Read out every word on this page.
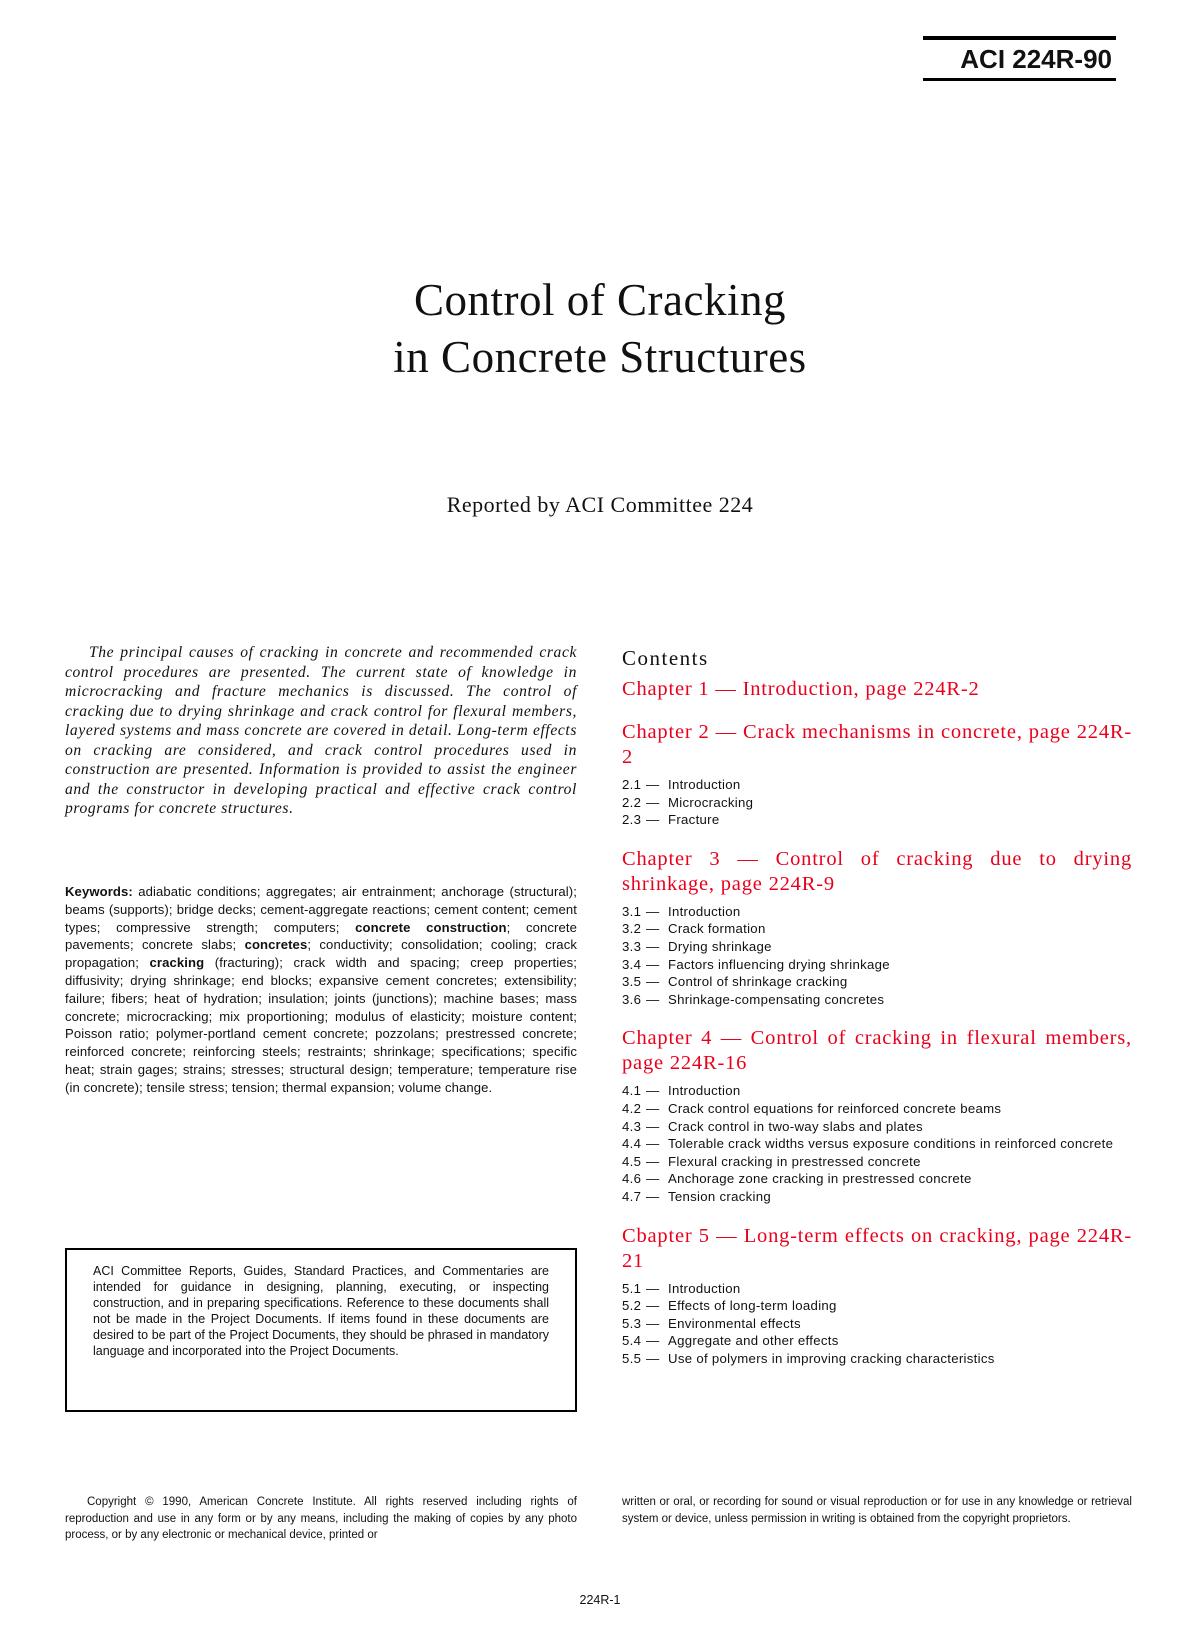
ACI 224R-90
Control of Cracking
in Concrete Structures
Reported by ACI Committee 224
The principal causes of cracking in concrete and recommended crack control procedures are presented. The current state of knowledge in microcracking and fracture mechanics is discussed. The control of cracking due to drying shrinkage and crack control for flexural members, layered systems and mass concrete are covered in detail. Long-term effects on cracking are considered, and crack control procedures used in construction are presented. Information is provided to assist the engineer and the constructor in developing practical and effective crack control programs for concrete structures.
Keywords: adiabatic conditions; aggregates; air entrainment; anchorage (structural); beams (supports); bridge decks; cement-aggregate reactions; cement content; cement types; compressive strength; computers; concrete construction; concrete pavements; concrete slabs; concretes; conductivity; consolidation; cooling; crack propagation; cracking (fracturing); crack width and spacing; creep properties; diffusivity; drying shrinkage; end blocks; expansive cement concretes; extensibility; failure; fibers; heat of hydration; insulation; joints (junctions); machine bases; mass concrete; microcracking; mix proportioning; modulus of elasticity; moisture content; Poisson ratio; polymer-portland cement concrete; pozzolans; prestressed concrete; reinforced concrete; reinforcing steels; restraints; shrinkage; specifications; specific heat; strain gages; strains; stresses; structural design; temperature; temperature rise (in concrete); tensile stress; tension; thermal expansion; volume change.
ACI Committee Reports, Guides, Standard Practices, and Commentaries are intended for guidance in designing, planning, executing, or inspecting construction, and in preparing specifications. Reference to these documents shall not be made in the Project Documents. If items found in these documents are desired to be part of the Project Documents, they should be phrased in mandatory language and incorporated into the Project Documents.
Copyright © 1990, American Concrete Institute. All rights reserved including rights of reproduction and use in any form or by any means, including the making of copies by any photo process, or by any electronic or mechanical device, printed or
written or oral, or recording for sound or visual reproduction or for use in any knowledge or retrieval system or device, unless permission in writing is obtained from the copyright proprietors.
Contents
Chapter 1 — Introduction, page 224R-2
Chapter 2 — Crack mechanisms in concrete, page 224R-2
2.1 — Introduction
2.2 — Microcracking
2.3 — Fracture
Chapter 3 — Control of cracking due to drying shrinkage, page 224R-9
3.1 — Introduction
3.2 — Crack formation
3.3 — Drying shrinkage
3.4 — Factors influencing drying shrinkage
3.5 — Control of shrinkage cracking
3.6 — Shrinkage-compensating concretes
Chapter 4 — Control of cracking in flexural members, page 224R-16
4.1 — Introduction
4.2 — Crack control equations for reinforced concrete beams
4.3 — Crack control in two-way slabs and plates
4.4 — Tolerable crack widths versus exposure conditions in reinforced concrete
4.5 — Flexural cracking in prestressed concrete
4.6 — Anchorage zone cracking in prestressed concrete
4.7 — Tension cracking
Cbapter 5 — Long-term effects on cracking, page 224R-21
5.1 — Introduction
5.2 — Effects of long-term loading
5.3 — Environmental effects
5.4 — Aggregate and other effects
5.5 — Use of polymers in improving cracking characteristics
224R-1
